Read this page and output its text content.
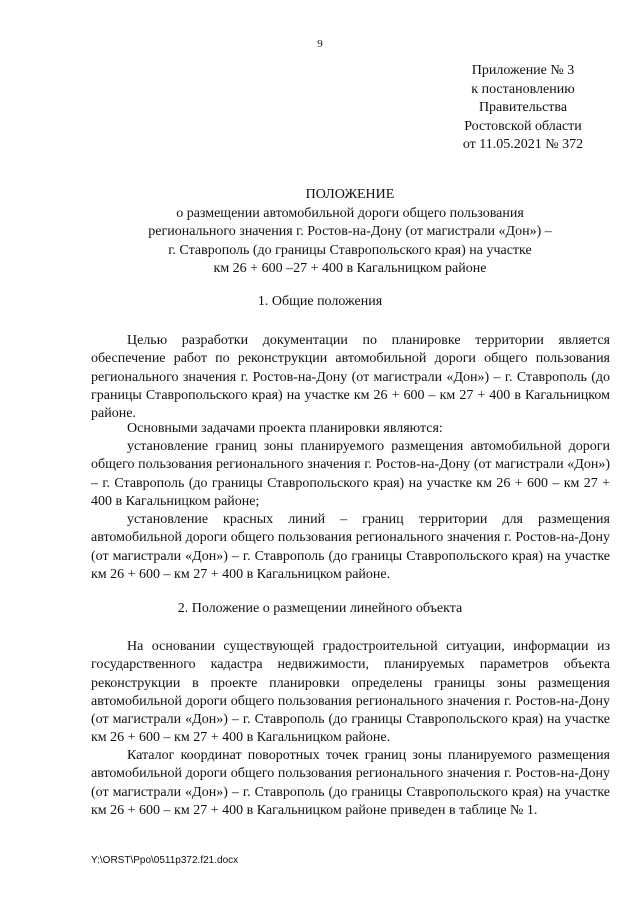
9
Приложение № 3
к постановлению
Правительства
Ростовской области
от 11.05.2021 № 372
ПОЛОЖЕНИЕ
о размещении автомобильной дороги общего пользования
регионального значения г. Ростов-на-Дону (от магистрали «Дон») –
г. Ставрополь (до границы Ставропольского края) на участке
км 26 + 600 –27 + 400 в Кагальницком районе
1. Общие положения

Целью разработки документации по планировке территории является обеспечение работ по реконструкции автомобильной дороги общего пользования регионального значения г. Ростов-на-Дону (от магистрали «Дон») – г. Ставрополь (до границы Ставропольского края) на участке км 26 + 600 – км 27 + 400 в Кагальницком районе.

Основными задачами проекта планировки являются:

установление границ зоны планируемого размещения автомобильной дороги общего пользования регионального значения г. Ростов-на-Дону (от магистрали «Дон») – г. Ставрополь (до границы Ставропольского края) на участке км 26 + 600 – км 27 + 400 в Кагальницком районе;

установление красных линий – границ территории для размещения автомобильной дороги общего пользования регионального значения г. Ростов-на-Дону (от магистрали «Дон») – г. Ставрополь (до границы Ставропольского края) на участке км 26 + 600 – км 27 + 400 в Кагальницком районе.

2. Положение о размещении линейного объекта

На основании существующей градостроительной ситуации, информации из государственного кадастра недвижимости, планируемых параметров объекта реконструкции в проекте планировки определены границы зоны размещения автомобильной дороги общего пользования регионального значения г. Ростов-на-Дону (от магистрали «Дон») – г. Ставрополь (до границы Ставропольского края) на участке км 26 + 600 – км 27 + 400 в Кагальницком районе.

Каталог координат поворотных точек границ зоны планируемого размещения автомобильной дороги общего пользования регионального значения г. Ростов-на-Дону (от магистрали «Дон») – г. Ставрополь (до границы Ставропольского края) на участке км 26 + 600 – км 27 + 400 в Кагальницком районе приведен в таблице № 1.

Y:\ORST\Ppo\0511p372.f21.docx
